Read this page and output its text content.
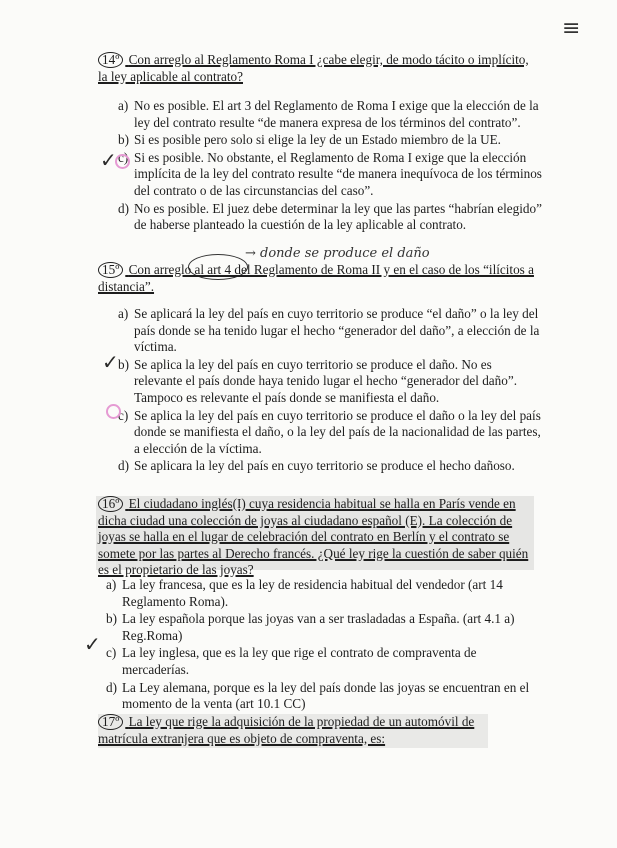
≡
14º Con arreglo al Reglamento Roma I ¿cabe elegir, de modo tácito o implícito, la ley aplicable al contrato?
a) No es posible. El art 3 del Reglamento de Roma I exige que la elección de la ley del contrato resulte “de manera expresa de los términos del contrato”.
b) Si es posible pero solo si elige la ley de un Estado miembro de la UE.
c) Si es posible. No obstante, el Reglamento de Roma I exige que la elección implícita de la ley del contrato resulte “de manera inequívoca de los términos del contrato o de las circunstancias del caso”.
d) No es posible. El juez debe determinar la ley que las partes “habrían elegido” de haberse planteado la cuestión de la ley aplicable al contrato.
✓
→ donde se produce el daño
15º Con arreglo al art 4 del Reglamento de Roma II y en el caso de los “ilícitos a distancia”.
a) Se aplicará la ley del país en cuyo territorio se produce “el daño” o la ley del país donde se ha tenido lugar el hecho “generador del daño”, a elección de la víctima.
b) Se aplica la ley del país en cuyo territorio se produce el daño. No es relevante el país donde haya tenido lugar el hecho “generador del daño”. Tampoco es relevante el país donde se manifiesta el daño.
c) Se aplica la ley del país en cuyo territorio se produce el daño o la ley del país donde se manifiesta el daño, o la ley del país de la nacionalidad de las partes, a elección de la víctima.
d) Se aplicara la ley del país en cuyo territorio se produce el hecho dañoso.
✓
16º El ciudadano inglés(I) cuya residencia habitual se halla en París vende en dicha ciudad una colección de joyas al ciudadano español (E). La colección de joyas se halla en el lugar de celebración del contrato en Berlín y el contrato se somete por las partes al Derecho francés. ¿Qué ley rige la cuestión de saber quién es el propietario de las joyas?
a) La ley francesa, que es la ley de residencia habitual del vendedor (art 14 Reglamento Roma).
b) La ley española porque las joyas van a ser trasladadas a España. (art 4.1 a) Reg.Roma)
c) La ley inglesa, que es la ley que rige el contrato de compraventa de mercaderías.
d) La Ley alemana, porque es la ley del país donde las joyas se encuentran en el momento de la venta (art 10.1 CC)
✓
17º La ley que rige la adquisición de la propiedad de un automóvil de matrícula extranjera que es objeto de compraventa, es:
